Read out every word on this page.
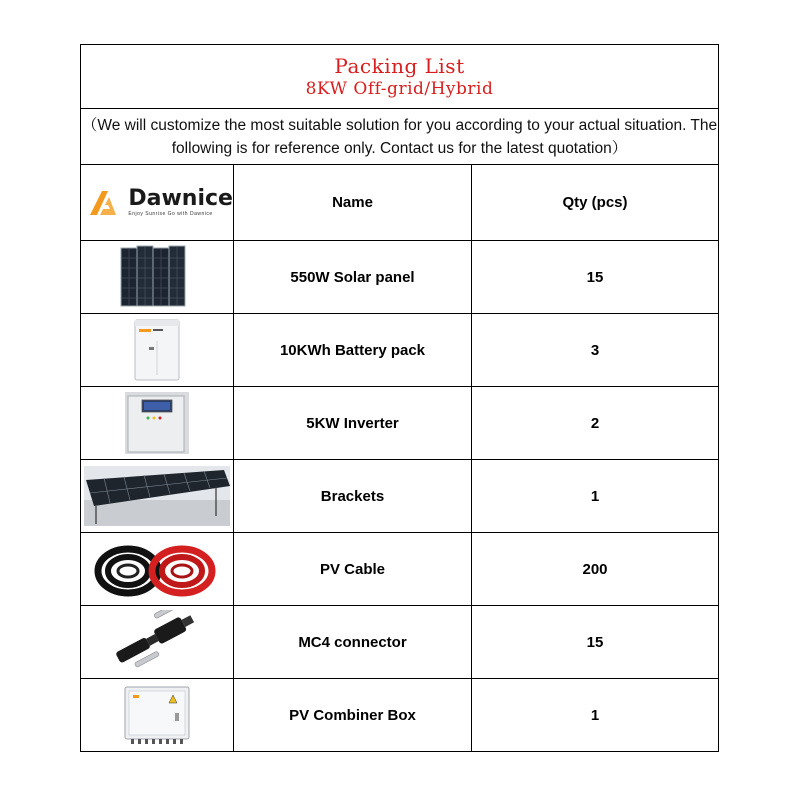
Packing List
8KW Off-grid/Hybrid		

（We will customize the most suitable solution for you according to your actual situation. The following is for reference only. Contact us for the latest quotation）		

Dawnice
Enjoy Sunrise Go with Dawnice	Name	Qty (pcs)

	550W Solar panel	15

	10KWh Battery pack	3

	5KW Inverter	2

	Brackets	1

	PV Cable	200

	MC4 connector	15

	PV Combiner Box	1
